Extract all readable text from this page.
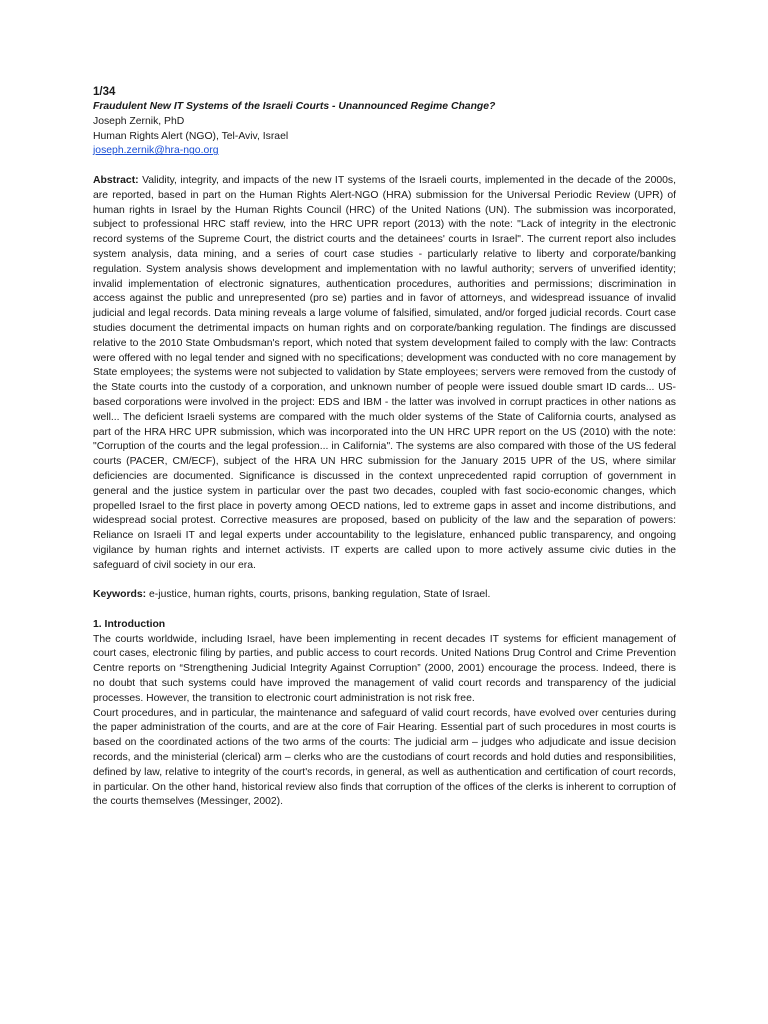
1/34
Fraudulent New IT Systems of the Israeli Courts - Unannounced Regime Change?
Joseph Zernik, PhD
Human Rights Alert (NGO), Tel-Aviv, Israel
joseph.zernik@hra-ngo.org

Abstract: Validity, integrity, and impacts of the new IT systems of the Israeli courts, implemented in the decade of the 2000s, are reported, based in part on the Human Rights Alert-NGO (HRA) submission for the Universal Periodic Review (UPR) of human rights in Israel by the Human Rights Council (HRC) of the United Nations (UN). The submission was incorporated, subject to professional HRC staff review, into the HRC UPR report (2013) with the note: "Lack of integrity in the electronic record systems of the Supreme Court, the district courts and the detainees' courts in Israel". The current report also includes system analysis, data mining, and a series of court case studies - particularly relative to liberty and corporate/banking regulation. System analysis shows development and implementation with no lawful authority; servers of unverified identity; invalid implementation of electronic signatures, authentication procedures, authorities and permissions; discrimination in access against the public and unrepresented (pro se) parties and in favor of attorneys, and widespread issuance of invalid judicial and legal records. Data mining reveals a large volume of falsified, simulated, and/or forged judicial records. Court case studies document the detrimental impacts on human rights and on corporate/banking regulation. The findings are discussed relative to the 2010 State Ombudsman's report, which noted that system development failed to comply with the law: Contracts were offered with no legal tender and signed with no specifications; development was conducted with no core management by State employees; the systems were not subjected to validation by State employees; servers were removed from the custody of the State courts into the custody of a corporation, and unknown number of people were issued double smart ID cards... US-based corporations were involved in the project: EDS and IBM - the latter was involved in corrupt practices in other nations as well... The deficient Israeli systems are compared with the much older systems of the State of California courts, analysed as part of the HRA HRC UPR submission, which was incorporated into the UN HRC UPR report on the US (2010) with the note: "Corruption of the courts and the legal profession... in California". The systems are also compared with those of the US federal courts (PACER, CM/ECF), subject of the HRA UN HRC submission for the January 2015 UPR of the US, where similar deficiencies are documented. Significance is discussed in the context unprecedented rapid corruption of government in general and the justice system in particular over the past two decades, coupled with fast socio-economic changes, which propelled Israel to the first place in poverty among OECD nations, led to extreme gaps in asset and income distributions, and widespread social protest. Corrective measures are proposed, based on publicity of the law and the separation of powers: Reliance on Israeli IT and legal experts under accountability to the legislature, enhanced public transparency, and ongoing vigilance by human rights and internet activists. IT experts are called upon to more actively assume civic duties in the safeguard of civil society in our era.

Keywords: e-justice, human rights, courts, prisons, banking regulation, State of Israel.

1. Introduction

The courts worldwide, including Israel, have been implementing in recent decades IT systems for efficient management of court cases, electronic filing by parties, and public access to court records. United Nations Drug Control and Crime Prevention Centre reports on “Strengthening Judicial Integrity Against Corruption” (2000, 2001) encourage the process. Indeed, there is no doubt that such systems could have improved the management of valid court records and transparency of the judicial processes. However, the transition to electronic court administration is not risk free.

Court procedures, and in particular, the maintenance and safeguard of valid court records, have evolved over centuries during the paper administration of the courts, and are at the core of Fair Hearing. Essential part of such procedures in most courts is based on the coordinated actions of the two arms of the courts: The judicial arm – judges who adjudicate and issue decision records, and the ministerial (clerical) arm – clerks who are the custodians of court records and hold duties and responsibilities, defined by law, relative to integrity of the court's records, in general, as well as authentication and certification of court records, in particular. On the other hand, historical review also finds that corruption of the offices of the clerks is inherent to corruption of the courts themselves (Messinger, 2002).
